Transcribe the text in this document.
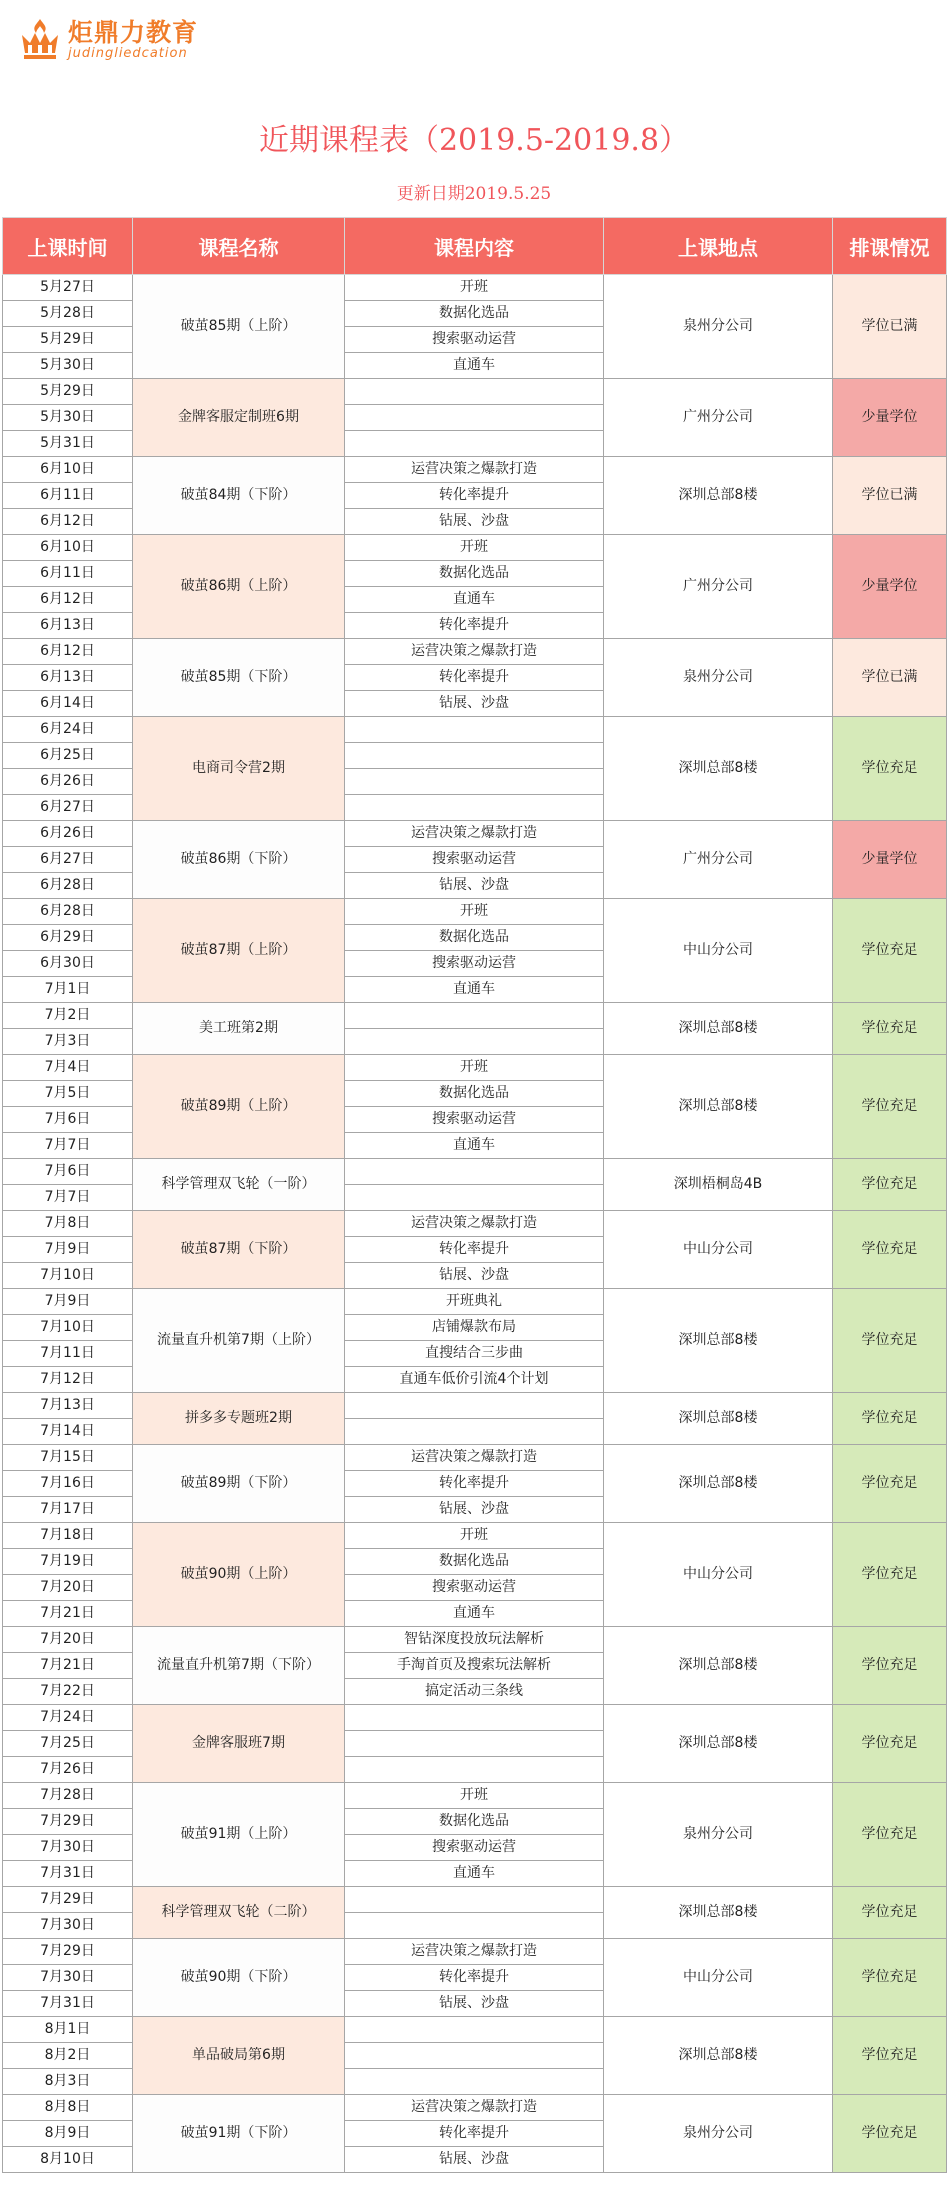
炬鼎力教育
judingliedcation
近期课程表（2019.5-2019.8）
更新日期2019.5.25
上课时间	课程名称	课程内容	上课地点	排课情况
5月27日	破茧85期（上阶）	开班	泉州分公司	学位已满
5月28日		数据化选品		
5月29日		搜索驱动运营		
5月30日		直通车		
5月29日	金牌客服定制班6期		广州分公司	少量学位
5月30日				
5月31日				
6月10日	破茧84期（下阶）	运营决策之爆款打造	深圳总部8楼	学位已满
6月11日		转化率提升		
6月12日		钻展、沙盘		
6月10日	破茧86期（上阶）	开班	广州分公司	少量学位
6月11日		数据化选品		
6月12日		直通车		
6月13日		转化率提升		
6月12日	破茧85期（下阶）	运营决策之爆款打造	泉州分公司	学位已满
6月13日		转化率提升		
6月14日		钻展、沙盘		
6月24日	电商司令营2期		深圳总部8楼	学位充足
6月25日				
6月26日				
6月27日				
6月26日	破茧86期（下阶）	运营决策之爆款打造	广州分公司	少量学位
6月27日		搜索驱动运营		
6月28日		钻展、沙盘		
6月28日	破茧87期（上阶）	开班	中山分公司	学位充足
6月29日		数据化选品		
6月30日		搜索驱动运营		
7月1日		直通车		
7月2日	美工班第2期		深圳总部8楼	学位充足
7月3日				
7月4日	破茧89期（上阶）	开班	深圳总部8楼	学位充足
7月5日		数据化选品		
7月6日		搜索驱动运营		
7月7日		直通车		
7月6日	科学管理双飞轮（一阶）		深圳梧桐岛4B	学位充足
7月7日				
7月8日	破茧87期（下阶）	运营决策之爆款打造	中山分公司	学位充足
7月9日		转化率提升		
7月10日		钻展、沙盘		
7月9日	流量直升机第7期（上阶）	开班典礼	深圳总部8楼	学位充足
7月10日		店铺爆款布局		
7月11日		直搜结合三步曲		
7月12日		直通车低价引流4个计划		
7月13日	拼多多专题班2期		深圳总部8楼	学位充足
7月14日				
7月15日	破茧89期（下阶）	运营决策之爆款打造	深圳总部8楼	学位充足
7月16日		转化率提升		
7月17日		钻展、沙盘		
7月18日	破茧90期（上阶）	开班	中山分公司	学位充足
7月19日		数据化选品		
7月20日		搜索驱动运营		
7月21日		直通车		
7月20日	流量直升机第7期（下阶）	智钻深度投放玩法解析	深圳总部8楼	学位充足
7月21日		手淘首页及搜索玩法解析		
7月22日		搞定活动三条线		
7月24日	金牌客服班7期		深圳总部8楼	学位充足
7月25日				
7月26日				
7月28日	破茧91期（上阶）	开班	泉州分公司	学位充足
7月29日		数据化选品		
7月30日		搜索驱动运营		
7月31日		直通车		
7月29日	科学管理双飞轮（二阶）		深圳总部8楼	学位充足
7月30日				
7月29日	破茧90期（下阶）	运营决策之爆款打造	中山分公司	学位充足
7月30日		转化率提升		
7月31日		钻展、沙盘		
8月1日	单品破局第6期		深圳总部8楼	学位充足
8月2日				
8月3日				
8月8日	破茧91期（下阶）	运营决策之爆款打造	泉州分公司	学位充足
8月9日		转化率提升		
8月10日		钻展、沙盘		
